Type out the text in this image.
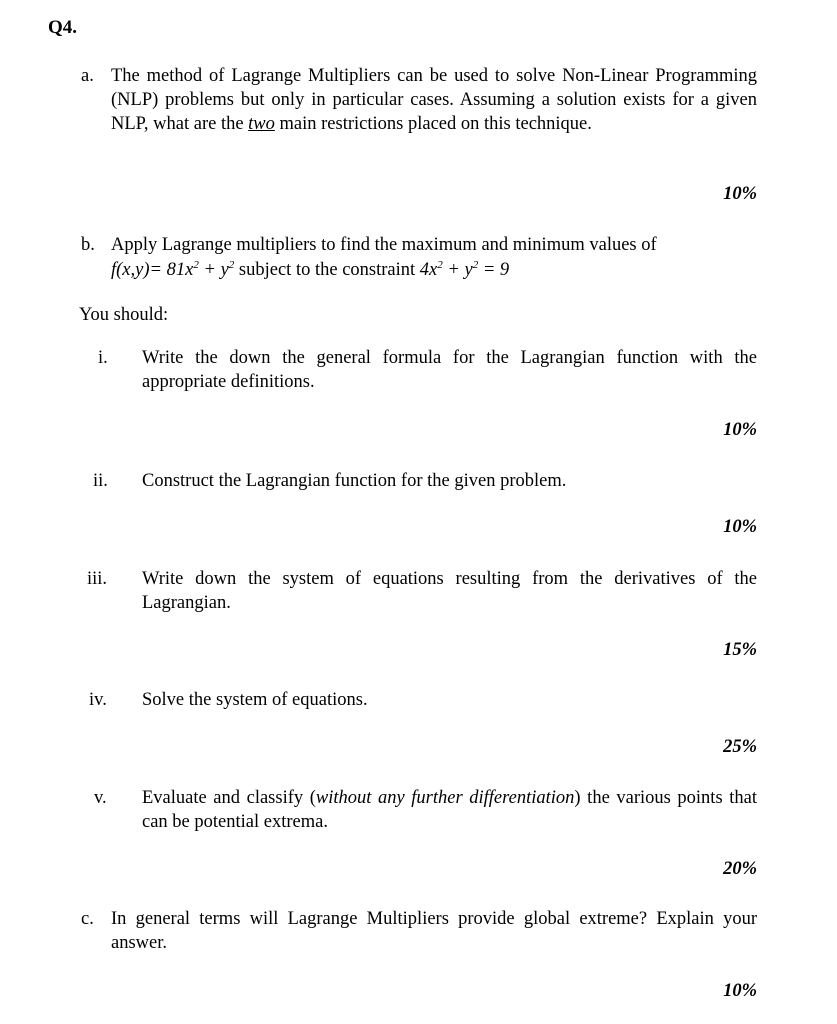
Q4.
a. The method of Lagrange Multipliers can be used to solve Non-Linear Programming (NLP) problems but only in particular cases. Assuming a solution exists for a given NLP, what are the two main restrictions placed on this technique.
10%
b. Apply Lagrange multipliers to find the maximum and minimum values of
$f(x,y)= 81x^2 + y^2$ subject to the constraint $4x^2 + y^2 = 9$
You should:
i. Write the down the general formula for the Lagrangian function with the appropriate definitions.
10%
ii. Construct the Lagrangian function for the given problem.
10%
iii. Write down the system of equations resulting from the derivatives of the Lagrangian.
15%
iv. Solve the system of equations.
25%
v. Evaluate and classify (without any further differentiation) the various points that can be potential extrema.
20%
c. In general terms will Lagrange Multipliers provide global extreme? Explain your answer.
10%
